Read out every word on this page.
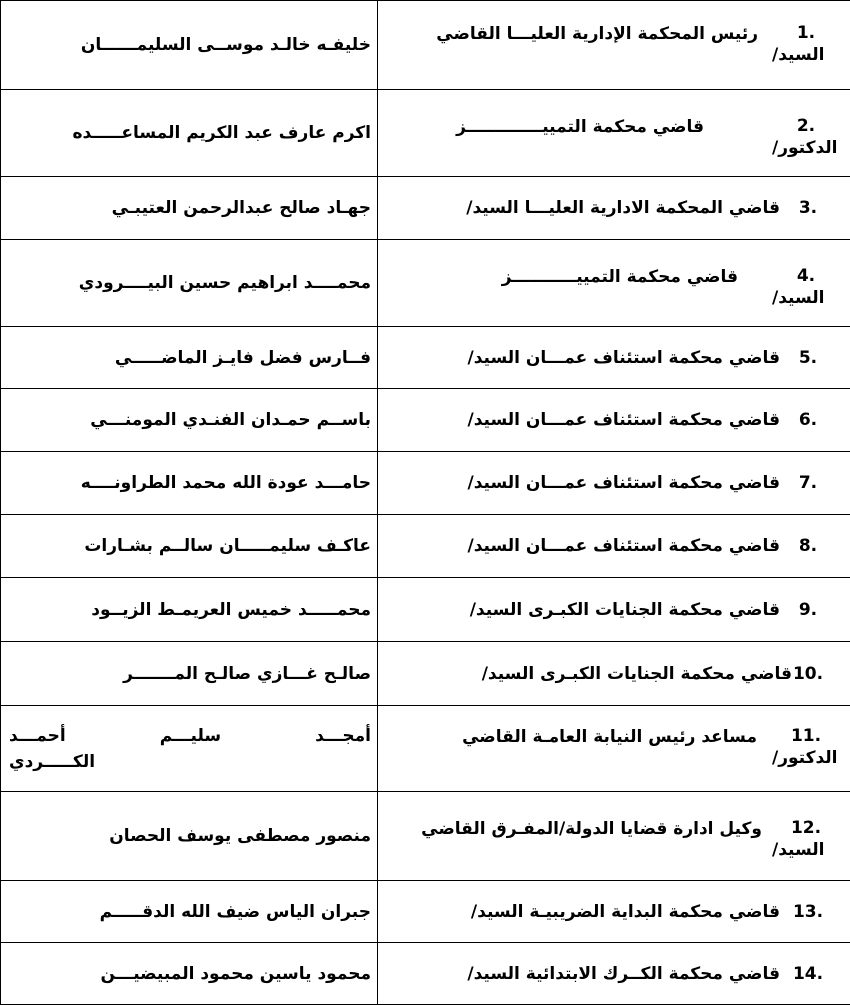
خليفـه خالـد موســى السليمــــــان	رئيس المحكمة الإدارية العليـــا القاضي 1.
السيد/

اكرم عارف عبد الكريم المساعـــــده	قاضي محكمة التمييـــــــــــــز 2.
الدكتور/

جهـاد صالح عبدالرحمن العتيبـي	قاضي المحكمة الادارية العليـــا السيد/ 3.

محمــــد ابراهيم حسين البيــــرودي	قاضي محكمة التمييـــــــــــز 4.
السيد/

فــارس فضل فايـز الماضـــــي	قاضي محكمة استئناف عمـــان السيد/ 5.

باســم حمـدان الفنـدي المومنـــي	قاضي محكمة استئناف عمـــان السيد/ 6.

حامـــد عودة الله محمد الطراونــــه	قاضي محكمة استئناف عمـــان السيد/ 7.

عاكـف سليمـــــان سالــم بشـارات	قاضي محكمة استئناف عمـــان السيد/ 8.

محمـــــد خميس العريمـط الزيــود	قاضي محكمة الجنايات الكبـرى السيد/ 9.

صالـح غـــازي صالـح المـــــــر	قاضي محكمة الجنايات الكبـرى السيد/ 10.

أمجـــد
سليـــم
أحمـــد
الكـــــردي	مساعد رئيس النيابة العامـة القاضي 11.
الدكتور/

منصور مصطفى يوسف الحصان	وكيل ادارة قضايا الدولة/المفـرق القاضي 12.
السيد/

جبران الياس ضيف الله الدقـــــم	قاضي محكمة البداية الضريبيـة السيد/ 13.

محمود ياسين محمود المبيضيـــن	قاضي محكمة الكــرك الابتدائية السيد/ 14.
